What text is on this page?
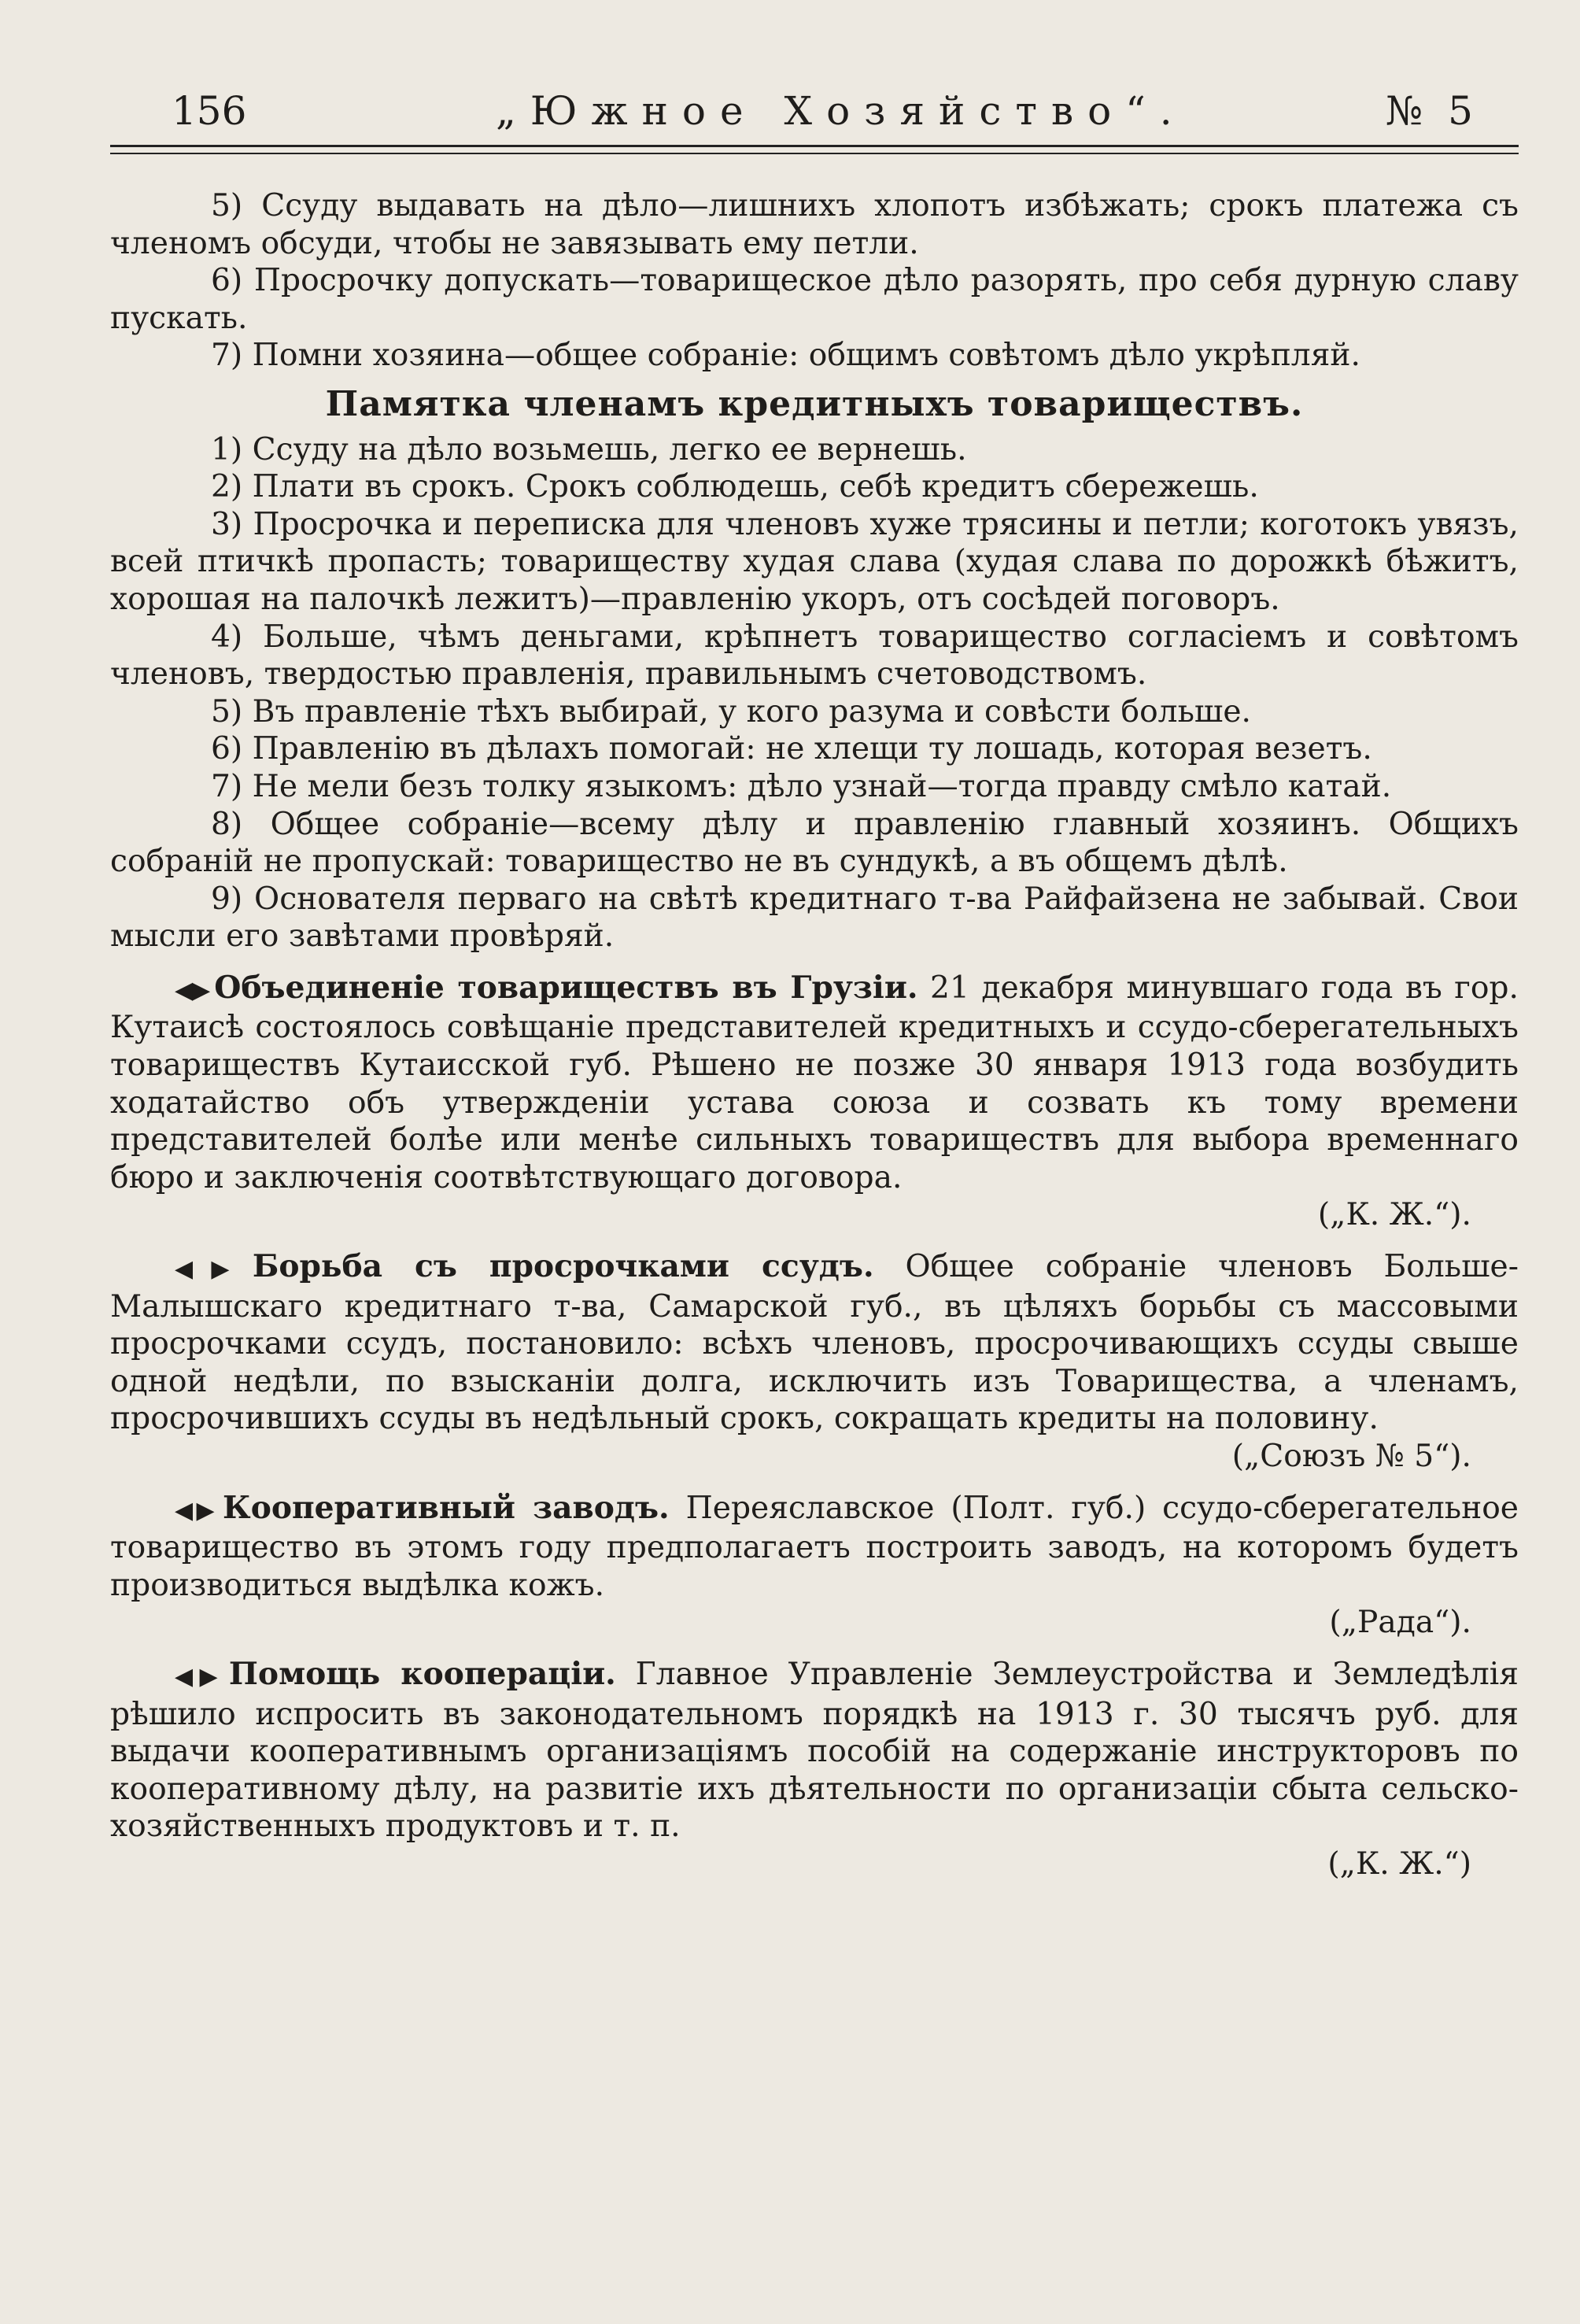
156	„Южное Хозяйство“.	№ 5

5) Ссуду выдавать на дѣло—лишнихъ хлопотъ избѣжать; срокъ платежа съ членомъ обсуди, чтобы не завязывать ему петли.

6) Просрочку допускать—товарищеское дѣло разорять, про себя дурную славу пускать.

7) Помни хозяина—общее собраніе: общимъ совѣтомъ дѣло укрѣпляй.

Памятка членамъ кредитныхъ товариществъ.

1) Ссуду на дѣло возьмешь, легко ее вернешь.

2) Плати въ срокъ. Срокъ соблюдешь, себѣ кредитъ сбережешь.

3) Просрочка и переписка для членовъ хуже трясины и петли; коготокъ увязъ, всей птичкѣ пропасть; товариществу худая слава (худая слава по дорожкѣ бѣжитъ, хорошая на палочкѣ лежитъ)—правленію укоръ, отъ сосѣдей поговоръ.

4) Больше, чѣмъ деньгами, крѣпнетъ товарищество согласіемъ и совѣтомъ членовъ, твердостью правленія, правильнымъ счетоводствомъ.

5) Въ правленіе тѣхъ выбирай, у кого разума и совѣсти больше.

6) Правленію въ дѣлахъ помогай: не хлещи ту лошадь, которая везетъ.

7) Не мели безъ толку языкомъ: дѣло узнай—тогда правду смѣло катай.

8) Общее собраніе—всему дѣлу и правленію главный хозяинъ. Общихъ собраній не пропускай: товарищество не въ сундукѣ, а въ общемъ дѣлѣ.

9) Основателя перваго на свѣтѣ кредитнаго т-ва Райфайзена не забывай. Свои мысли его завѣтами провѣряй.

◀▶ Объединеніе товариществъ въ Грузіи. 21 декабря минувшаго года въ гор. Кутаисѣ состоялось совѣщаніе представителей кредитныхъ и ссудо-сберегательныхъ товариществъ Кутаисской губ. Рѣшено не позже 30 января 1913 года возбудить ходатайство объ утвержденіи устава союза и созвать къ тому времени представителей болѣе или менѣе сильныхъ товариществъ для выбора временнаго бюро и заключенія соотвѣтствующаго договора.

(„К. Ж.“).

◀▶ Борьба съ просрочками ссудъ. Общее собраніе членовъ Больше-Малышскаго кредитнаго т-ва, Самарской губ., въ цѣляхъ борьбы съ массовыми просрочками ссудъ, постановило: всѣхъ членовъ, просрочивающихъ ссуды свыше одной недѣли, по взысканіи долга, исключить изъ Товарищества, а членамъ, просрочившихъ ссуды въ недѣльный срокъ, сокращать кредиты на половину.

(„Союзъ № 5“).

◀▶ Кооперативный заводъ. Переяславское (Полт. губ.) ссудо-сберегательное товарищество въ этомъ году предполагаетъ построить заводъ, на которомъ будетъ производиться выдѣлка кожъ.

(„Рада“).

◀▶ Помощь кооперацiи. Главное Управленіе Землеустройства и Земледѣлія рѣшило испросить въ законодательномъ порядкѣ на 1913 г. 30 тысячъ руб. для выдачи кооперативнымъ организаціямъ пособій на содержаніе инструкторовъ по кооперативному дѣлу, на развитіе ихъ дѣятельности по организаціи сбыта сельско-хозяйственныхъ продуктовъ и т. п.

(„К. Ж.“)
